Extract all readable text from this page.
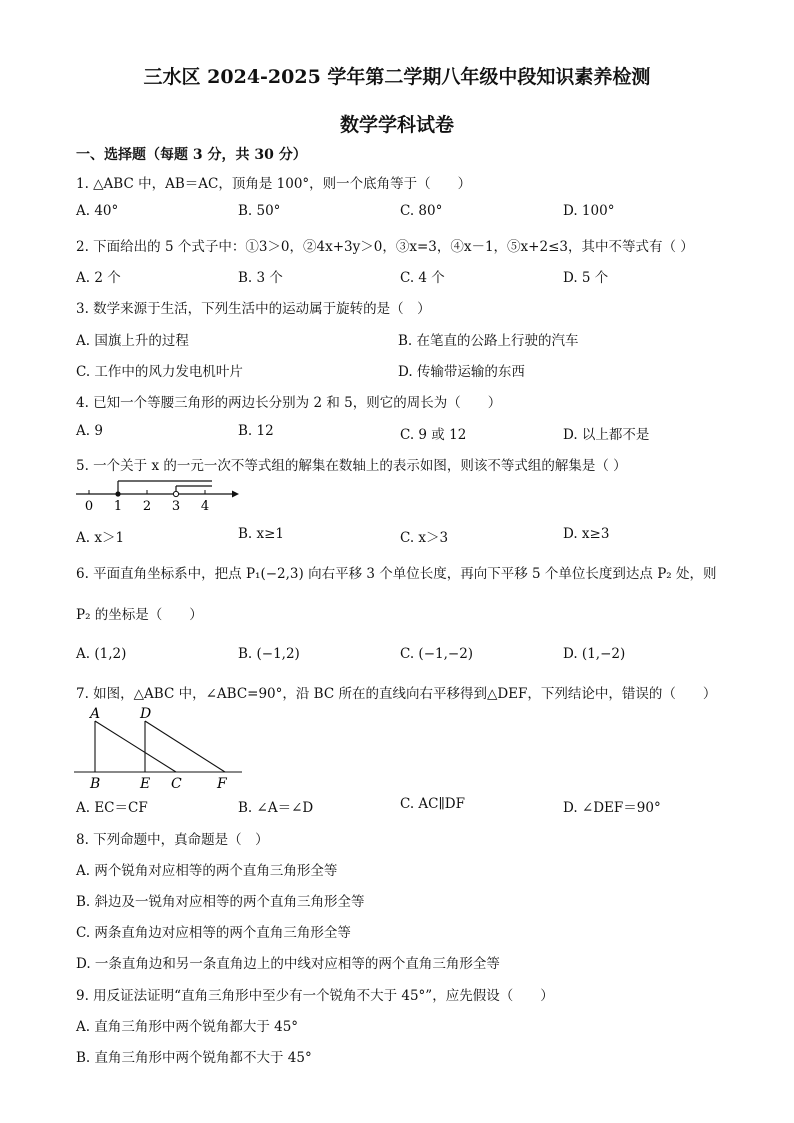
三水区 2024-2025 学年第二学期八年级中段知识素养检测
数学学科试卷
一、选择题（每题 3 分，共 30 分）
1. △ABC 中，AB＝AC，顶角是 100°，则一个底角等于（　　）
A. 40°	B. 50°	C. 80°	D. 100°
2. 下面给出的 5 个式子中：①3＞0，②4x+3y＞0，③x=3，④x－1，⑤x+2≤3，其中不等式有（ ）
A. 2 个	B. 3 个	C. 4 个	D. 5 个
3. 数学来源于生活，下列生活中的运动属于旋转的是（　）
A. 国旗上升的过程	B. 在笔直的公路上行驶的汽车
C. 工作中的风力发电机叶片	D. 传输带运输的东西
4. 已知一个等腰三角形的两边长分别为 2 和 5，则它的周长为（　　）
A. 9	B. 12	C. 9 或 12	D. 以上都不是
5. 一个关于 x 的一元一次不等式组的解集在数轴上的表示如图，则该不等式组的解集是（ ）
0 1 2 3 4
A. x＞1	B. x≥1	C. x＞3	D. x≥3
6. 平面直角坐标系中，把点 P₁(−2,3) 向右平移 3 个单位长度，再向下平移 5 个单位长度到达点 P₂ 处，则
P₂ 的坐标是（　　）
A. (1,2)	B. (−1,2)	C. (−1,−2)	D. (1,−2)
7. 如图，△ABC 中，∠ABC=90°，沿 BC 所在的直线向右平移得到△DEF，下列结论中，错误的（　　）
A	D
B	E C	F
A. EC＝CF	B. ∠A＝∠D	C. AC∥DF	D. ∠DEF＝90°
8. 下列命题中，真命题是（　）
A. 两个锐角对应相等的两个直角三角形全等
B. 斜边及一锐角对应相等的两个直角三角形全等
C. 两条直角边对应相等的两个直角三角形全等
D. 一条直角边和另一条直角边上的中线对应相等的两个直角三角形全等
9. 用反证法证明“直角三角形中至少有一个锐角不大于 45°”，应先假设（　　）
A. 直角三角形中两个锐角都大于 45°
B. 直角三角形中两个锐角都不大于 45°
